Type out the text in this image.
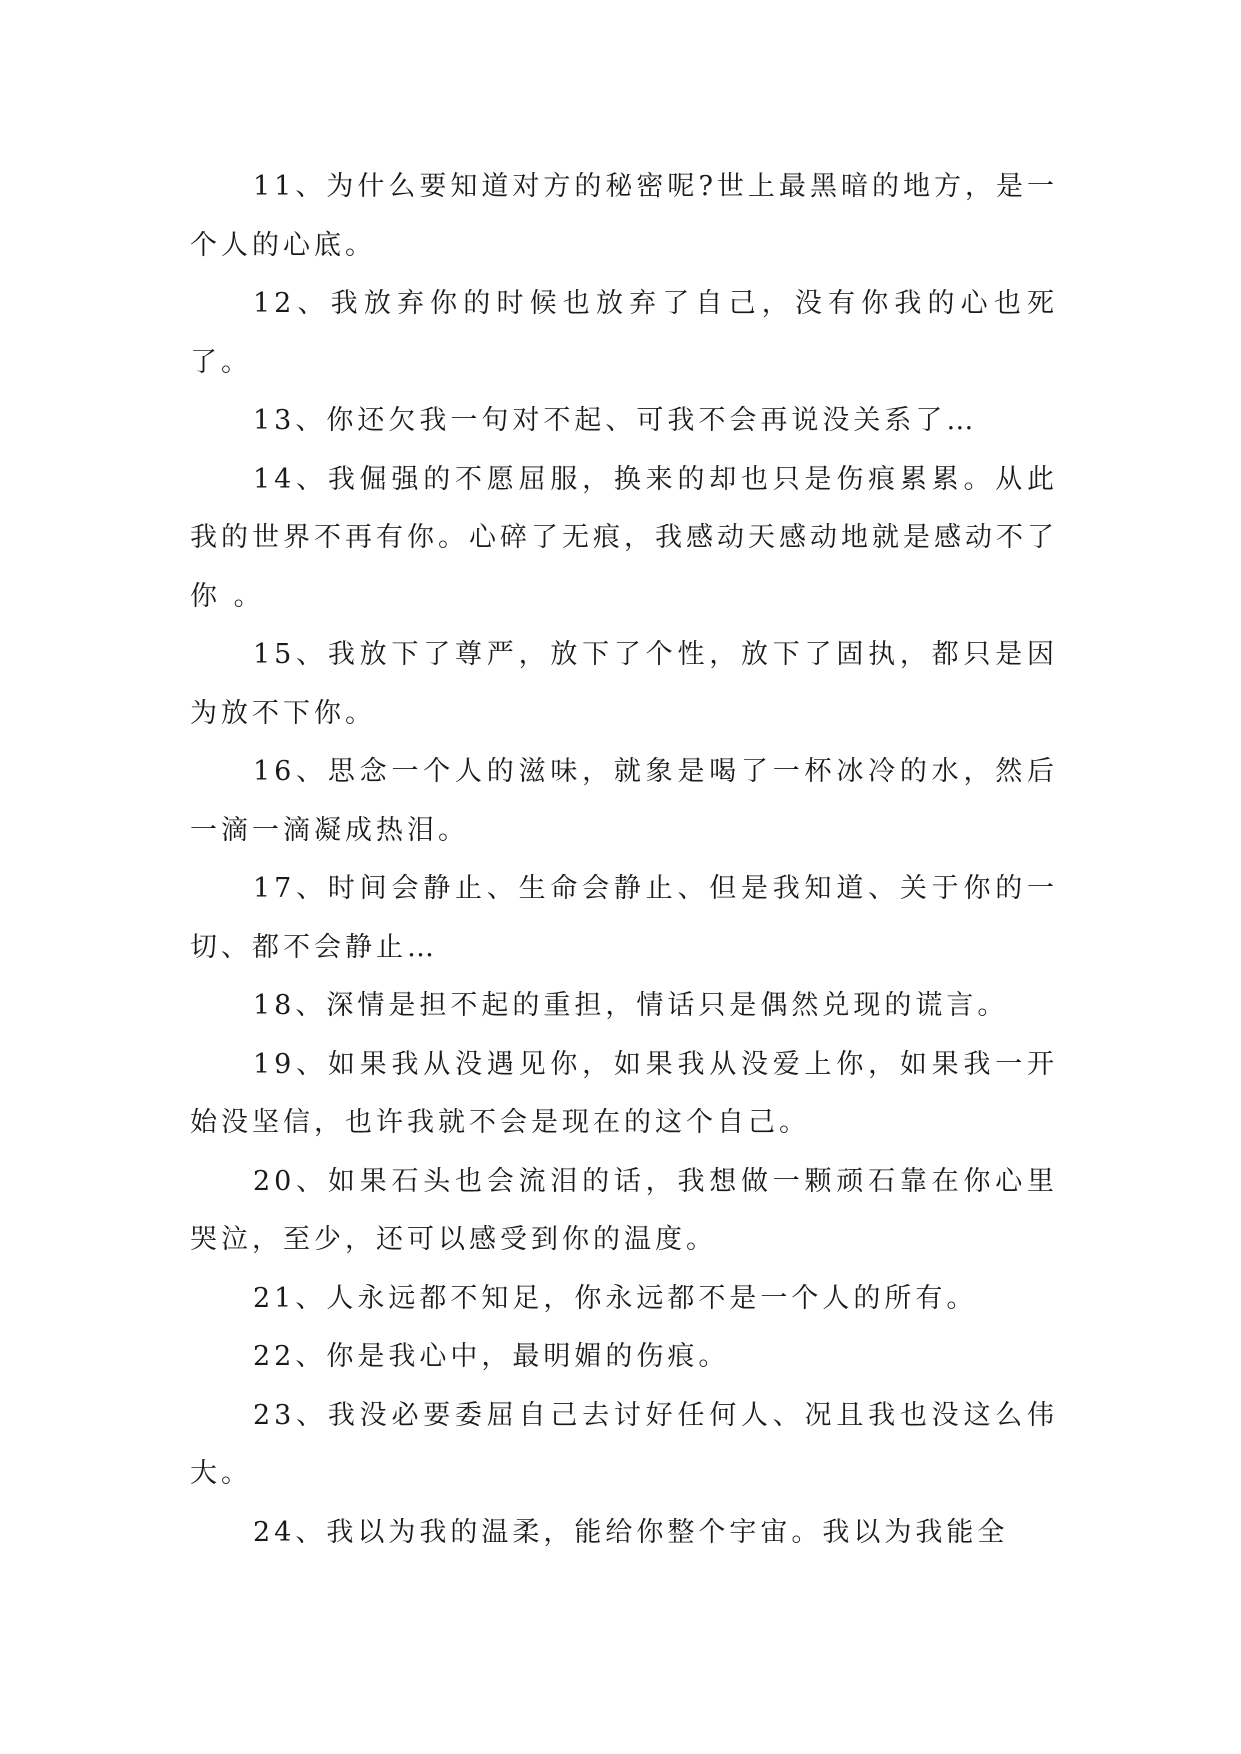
11、为什么要知道对方的秘密呢?世上最黑暗的地方，是一个人的心底。

12、我放弃你的时候也放弃了自己，没有你我的心也死了。

13、你还欠我一句对不起、可我不会再说没关系了…

14、我倔强的不愿屈服，换来的却也只是伤痕累累。从此我的世界不再有你。心碎了无痕，我感动天感动地就是感动不了你 。

15、我放下了尊严，放下了个性，放下了固执，都只是因为放不下你。

16、思念一个人的滋味，就象是喝了一杯冰冷的水，然后一滴一滴凝成热泪。

17、时间会静止、生命会静止、但是我知道、关于你的一切、都不会静止…

18、深情是担不起的重担，情话只是偶然兑现的谎言。

19、如果我从没遇见你，如果我从没爱上你，如果我一开始没坚信，也许我就不会是现在的这个自己。

20、如果石头也会流泪的话，我想做一颗顽石靠在你心里哭泣，至少，还可以感受到你的温度。

21、人永远都不知足，你永远都不是一个人的所有。

22、你是我心中，最明媚的伤痕。

23、我没必要委屈自己去讨好任何人、况且我也没这么伟大。

24、我以为我的温柔，能给你整个宇宙。我以为我能全
